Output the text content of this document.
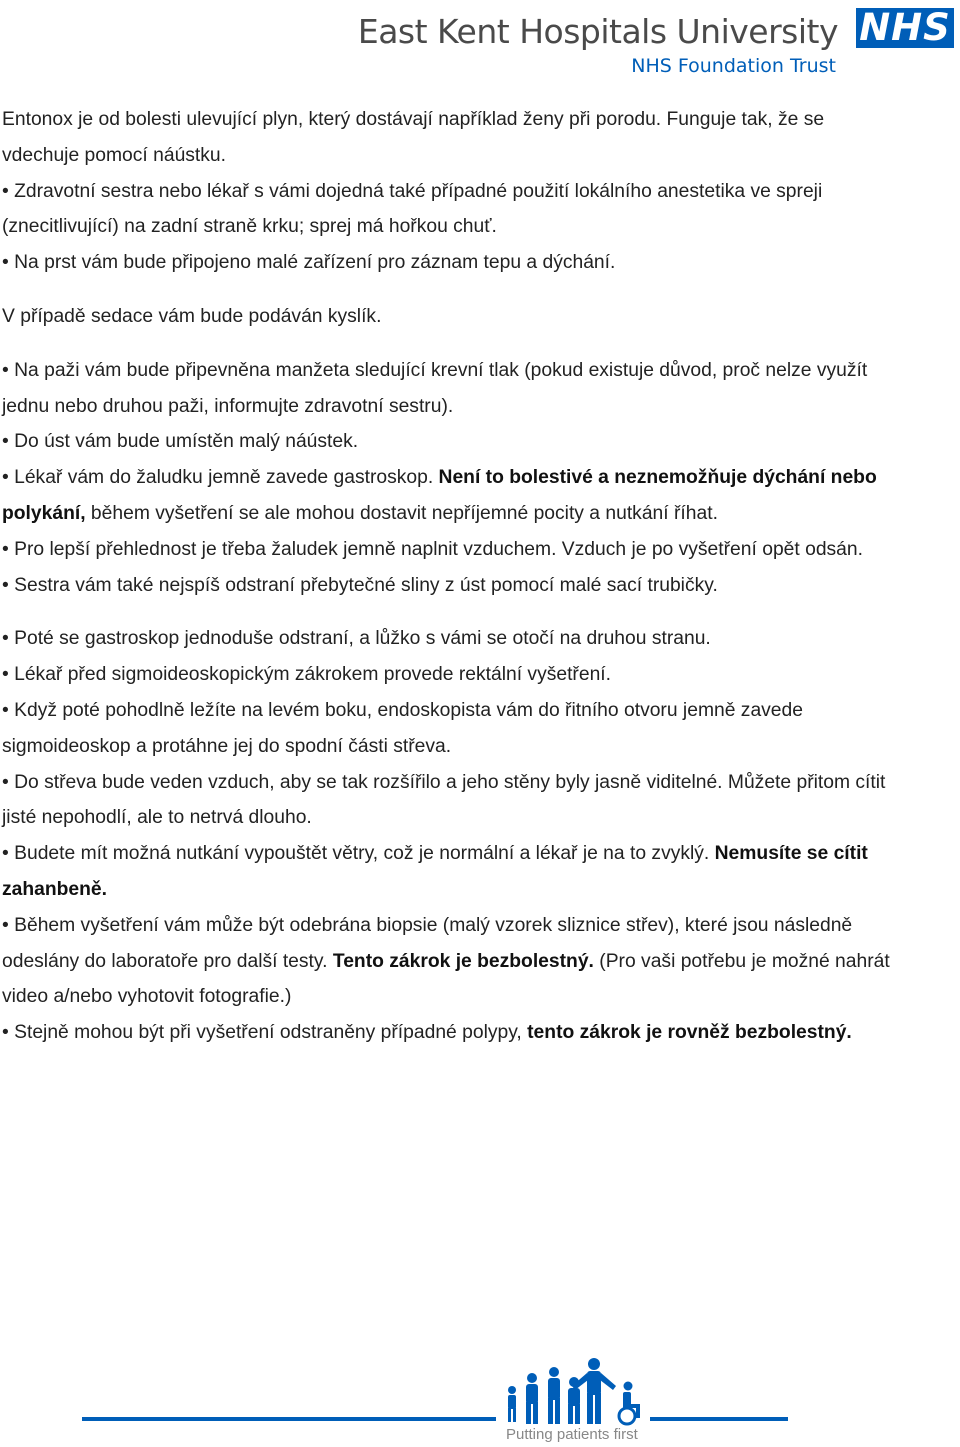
East Kent Hospitals University
NHS Foundation Trust
NHS

Entonox je od bolesti ulevující plyn, který dostávají například ženy při porodu. Funguje tak, že se vdechuje pomocí náústku.

• Zdravotní sestra nebo lékař s vámi dojedná také případné použití lokálního anestetika ve spreji (znecitlivující) na zadní straně krku; sprej má hořkou chuť.

• Na prst vám bude připojeno malé zařízení pro záznam tepu a dýchání.

V případě sedace vám bude podáván kyslík.

• Na paži vám bude připevněna manžeta sledující krevní tlak (pokud existuje důvod, proč nelze využít jednu nebo druhou paži, informujte zdravotní sestru).

• Do úst vám bude umístěn malý náústek.

• Lékař vám do žaludku jemně zavede gastroskop. Není to bolestivé a neznemožňuje dýchání nebo polykání, během vyšetření se ale mohou dostavit nepříjemné pocity a nutkání říhat.

• Pro lepší přehlednost je třeba žaludek jemně naplnit vzduchem. Vzduch je po vyšetření opět odsán.

• Sestra vám také nejspíš odstraní přebytečné sliny z úst pomocí malé sací trubičky.

• Poté se gastroskop jednoduše odstraní, a lůžko s vámi se otočí na druhou stranu.

• Lékař před sigmoideoskopickým zákrokem provede rektální vyšetření.

• Když poté pohodlně ležíte na levém boku, endoskopista vám do řitního otvoru jemně zavede sigmoideoskop a protáhne jej do spodní části střeva.

• Do střeva bude veden vzduch, aby se tak rozšířilo a jeho stěny byly jasně viditelné. Můžete přitom cítit jisté nepohodlí, ale to netrvá dlouho.

• Budete mít možná nutkání vypouštět větry, což je normální a lékař je na to zvyklý. Nemusíte se cítit zahanbeně.

• Během vyšetření vám může být odebrána biopsie (malý vzorek sliznice střev), které jsou následně odeslány do laboratoře pro další testy. Tento zákrok je bezbolestný. (Pro vaši potřebu je možné nahrát video a/nebo vyhotovit fotografie.)

• Stejně mohou být při vyšetření odstraněny případné polypy, tento zákrok je rovněž bezbolestný.

Putting patients first
